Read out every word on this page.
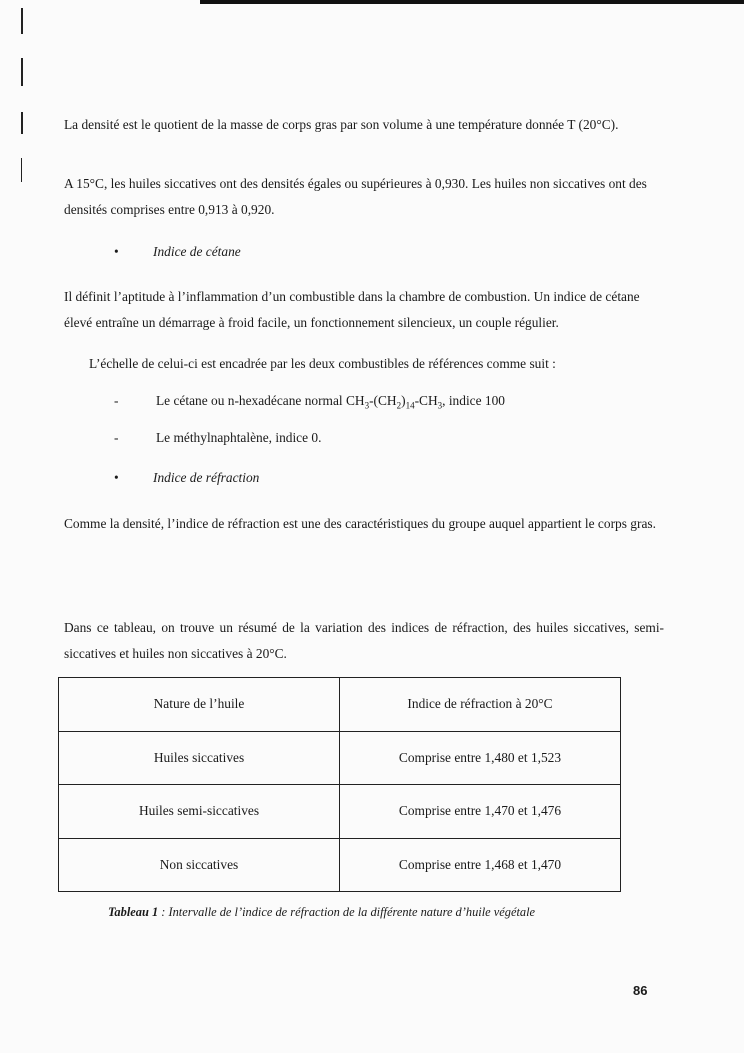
La densité est le quotient de la masse de corps gras par son volume à une température donnée T (20°C).

A 15°C, les huiles siccatives ont des densités égales ou supérieures à 0,930. Les huiles non siccatives ont des densités comprises entre 0,913 à 0,920.

•	Indice de cétane

Il définit l’aptitude à l’inflammation d’un combustible dans la chambre de combustion. Un indice de cétane élevé entraîne un démarrage à froid facile, un fonctionnement silencieux, un couple régulier.

L’échelle de celui-ci est encadrée par les deux combustibles de références comme suit :

-	Le cétane ou n-hexadécane normal $CH_3-(CH_2)_{14}-CH_3$, indice 100
-	Le méthylnaphtalène, indice 0.
•	Indice de réfraction

Comme la densité, l’indice de réfraction est une des caractéristiques du groupe auquel appartient le corps gras.

Dans ce tableau, on trouve un résumé de la variation des indices de réfraction, des huiles siccatives, semi-siccatives et huiles non siccatives à 20°C.

Nature de l’huile	Indice de réfraction à 20°C
Huiles siccatives	Comprise entre 1,480 et 1,523
Huiles semi-siccatives	Comprise entre 1,470 et 1,476
Non siccatives	Comprise entre 1,468 et 1,470
Tableau 1 : Intervalle de l’indice de réfraction de la différente nature d’huile végétale
86
